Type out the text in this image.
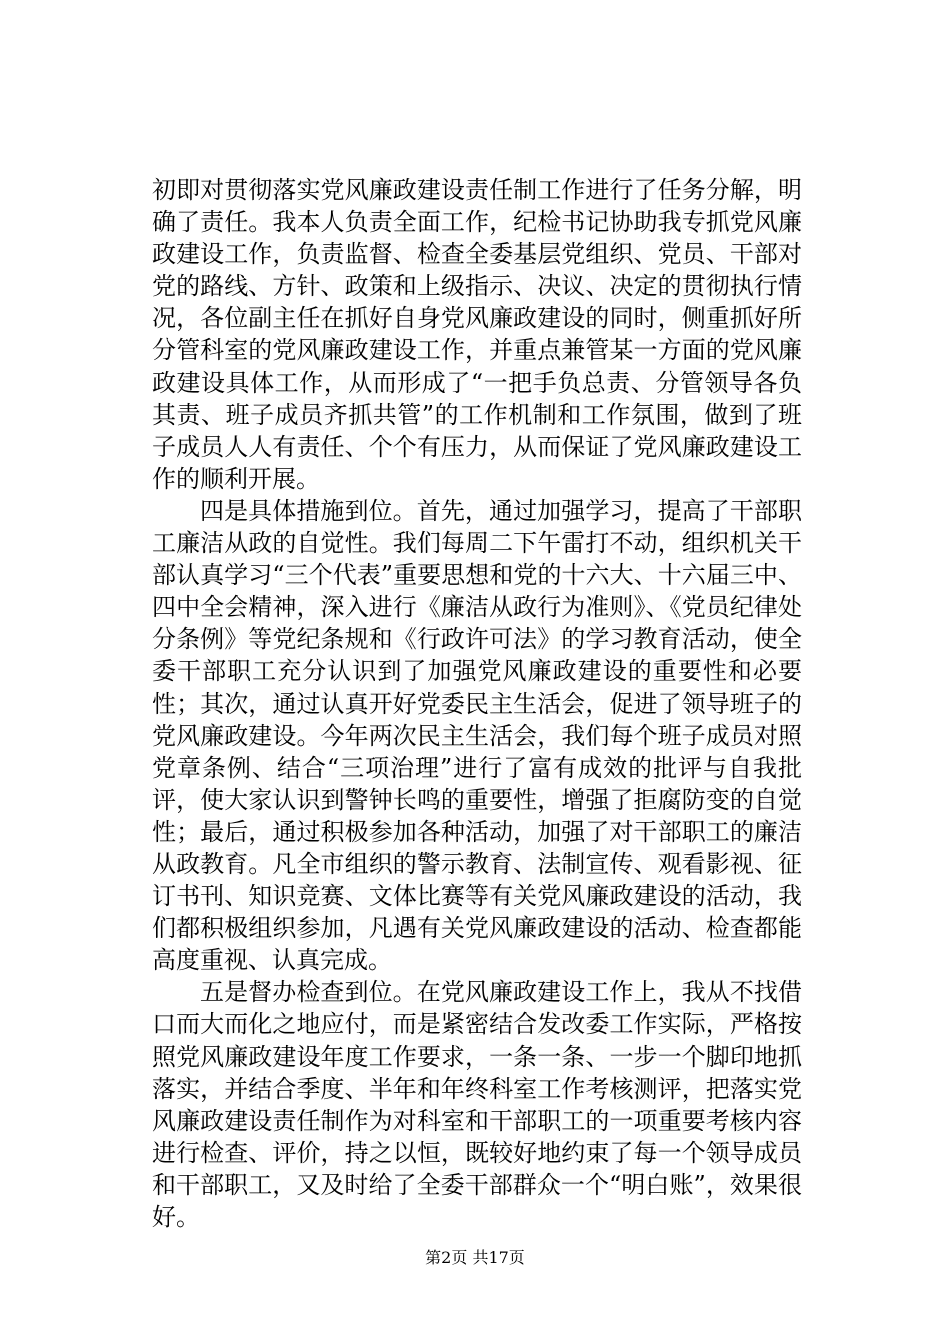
初即对贯彻落实党风廉政建设责任制工作进行了任务分解，明确了责任。我本人负责全面工作，纪检书记协助我专抓党风廉政建设工作，负责监督、检查全委基层党组织、党员、干部对党的路线、方针、政策和上级指示、决议、决定的贯彻执行情况，各位副主任在抓好自身党风廉政建设的同时，侧重抓好所分管科室的党风廉政建设工作，并重点兼管某一方面的党风廉政建设具体工作，从而形成了“一把手负总责、分管领导各负其责、班子成员齐抓共管”的工作机制和工作氛围，做到了班子成员人人有责任、个个有压力，从而保证了党风廉政建设工作的顺利开展。

四是具体措施到位。首先，通过加强学习，提高了干部职工廉洁从政的自觉性。我们每周二下午雷打不动，组织机关干部认真学习“三个代表”重要思想和党的十六大、十六届三中、四中全会精神，深入进行《廉洁从政行为准则》、《党员纪律处分条例》等党纪条规和《行政许可法》的学习教育活动，使全委干部职工充分认识到了加强党风廉政建设的重要性和必要性；其次，通过认真开好党委民主生活会，促进了领导班子的党风廉政建设。今年两次民主生活会，我们每个班子成员对照党章条例、结合“三项治理”进行了富有成效的批评与自我批评，使大家认识到警钟长鸣的重要性，增强了拒腐防变的自觉性；最后，通过积极参加各种活动，加强了对干部职工的廉洁从政教育。凡全市组织的警示教育、法制宣传、观看影视、征订书刊、知识竞赛、文体比赛等有关党风廉政建设的活动，我们都积极组织参加，凡遇有关党风廉政建设的活动、检查都能高度重视、认真完成。

五是督办检查到位。在党风廉政建设工作上，我从不找借口而大而化之地应付，而是紧密结合发改委工作实际，严格按照党风廉政建设年度工作要求，一条一条、一步一个脚印地抓落实，并结合季度、半年和年终科室工作考核测评，把落实党风廉政建设责任制作为对科室和干部职工的一项重要考核内容进行检查、评价，持之以恒，既较好地约束了每一个领导成员和干部职工，又及时给了全委干部群众一个“明白账”，效果很好。

第2页 共17页
